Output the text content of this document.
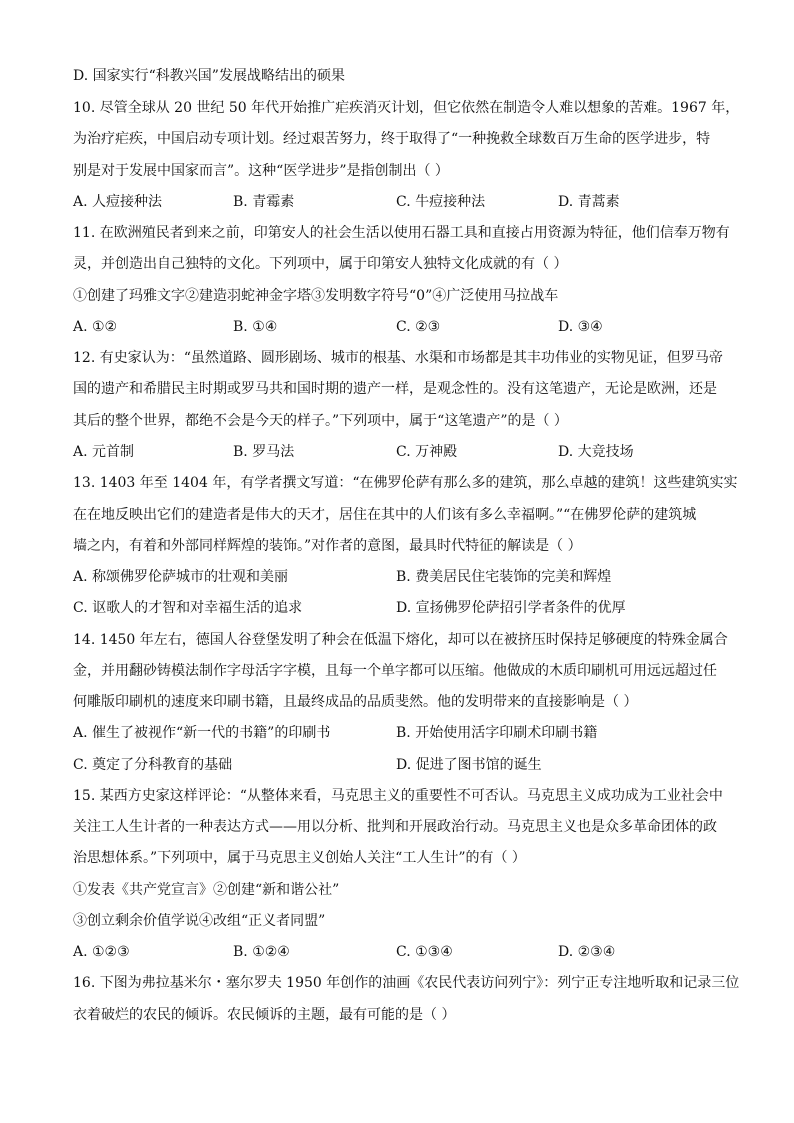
D. 国家实行“科教兴国”发展战略结出的硕果
10. 尽管全球从 20 世纪 50 年代开始推广疟疾消灭计划，但它依然在制造令人难以想象的苦难。1967 年，
为治疗疟疾，中国启动专项计划。经过艰苦努力，终于取得了“一种挽救全球数百万生命的医学进步，特
别是对于发展中国家而言”。这种“医学进步”是指创制出（ ）
A. 人痘接种法	B. 青霉素	C. 牛痘接种法	D. 青蒿素
11. 在欧洲殖民者到来之前，印第安人的社会生活以使用石器工具和直接占用资源为特征，他们信奉万物有
灵，并创造出自己独特的文化。下列项中，属于印第安人独特文化成就的有（ ）
①创建了玛雅文字②建造羽蛇神金字塔③发明数字符号“0”④广泛使用马拉战车
A. ①②	B. ①④	C. ②③	D. ③④
12. 有史家认为：“虽然道路、圆形剧场、城市的根基、水渠和市场都是其丰功伟业的实物见证，但罗马帝
国的遗产和希腊民主时期或罗马共和国时期的遗产一样，是观念性的。没有这笔遗产，无论是欧洲，还是
其后的整个世界，都绝不会是今天的样子。”下列项中，属于“这笔遗产”的是（ ）
A. 元首制	B. 罗马法	C. 万神殿	D. 大竞技场
13. 1403 年至 1404 年，有学者撰文写道：“在佛罗伦萨有那么多的建筑，那么卓越的建筑！这些建筑实实
在在地反映出它们的建造者是伟大的天才，居住在其中的人们该有多么幸福啊。”“在佛罗伦萨的建筑城
墙之内，有着和外部同样辉煌的装饰。”对作者的意图，最具时代特征的解读是（ ）
A. 称颂佛罗伦萨城市的壮观和美丽	B. 费美居民住宅装饰的完美和辉煌
C. 讴歌人的才智和对幸福生活的追求	D. 宣扬佛罗伦萨招引学者条件的优厚
14. 1450 年左右，德国人谷登堡发明了种会在低温下熔化，却可以在被挤压时保持足够硬度的特殊金属合
金，并用翻砂铸模法制作字母活字字模，且每一个单字都可以压缩。他做成的木质印刷机可用远远超过任
何雕版印刷机的速度来印刷书籍，且最终成品的品质斐然。他的发明带来的直接影响是（ ）
A. 催生了被视作“新一代的书籍”的印刷书	B. 开始使用活字印刷术印刷书籍
C. 奠定了分科教育的基础	D. 促进了图书馆的诞生
15. 某西方史家这样评论：“从整体来看，马克思主义的重要性不可否认。马克思主义成功成为工业社会中
关注工人生计者的一种表达方式——用以分析、批判和开展政治行动。马克思主义也是众多革命团体的政
治思想体系。”下列项中，属于马克思主义创始人关注“工人生计”的有（ ）
①发表《共产党宣言》②创建“新和谐公社”
③创立剩余价值学说④改组“正义者同盟”
A. ①②③	B. ①②④	C. ①③④	D. ②③④
16. 下图为弗拉基米尔・塞尔罗夫 1950 年创作的油画《农民代表访问列宁》：列宁正专注地听取和记录三位
衣着破烂的农民的倾诉。农民倾诉的主题，最有可能的是（ ）
